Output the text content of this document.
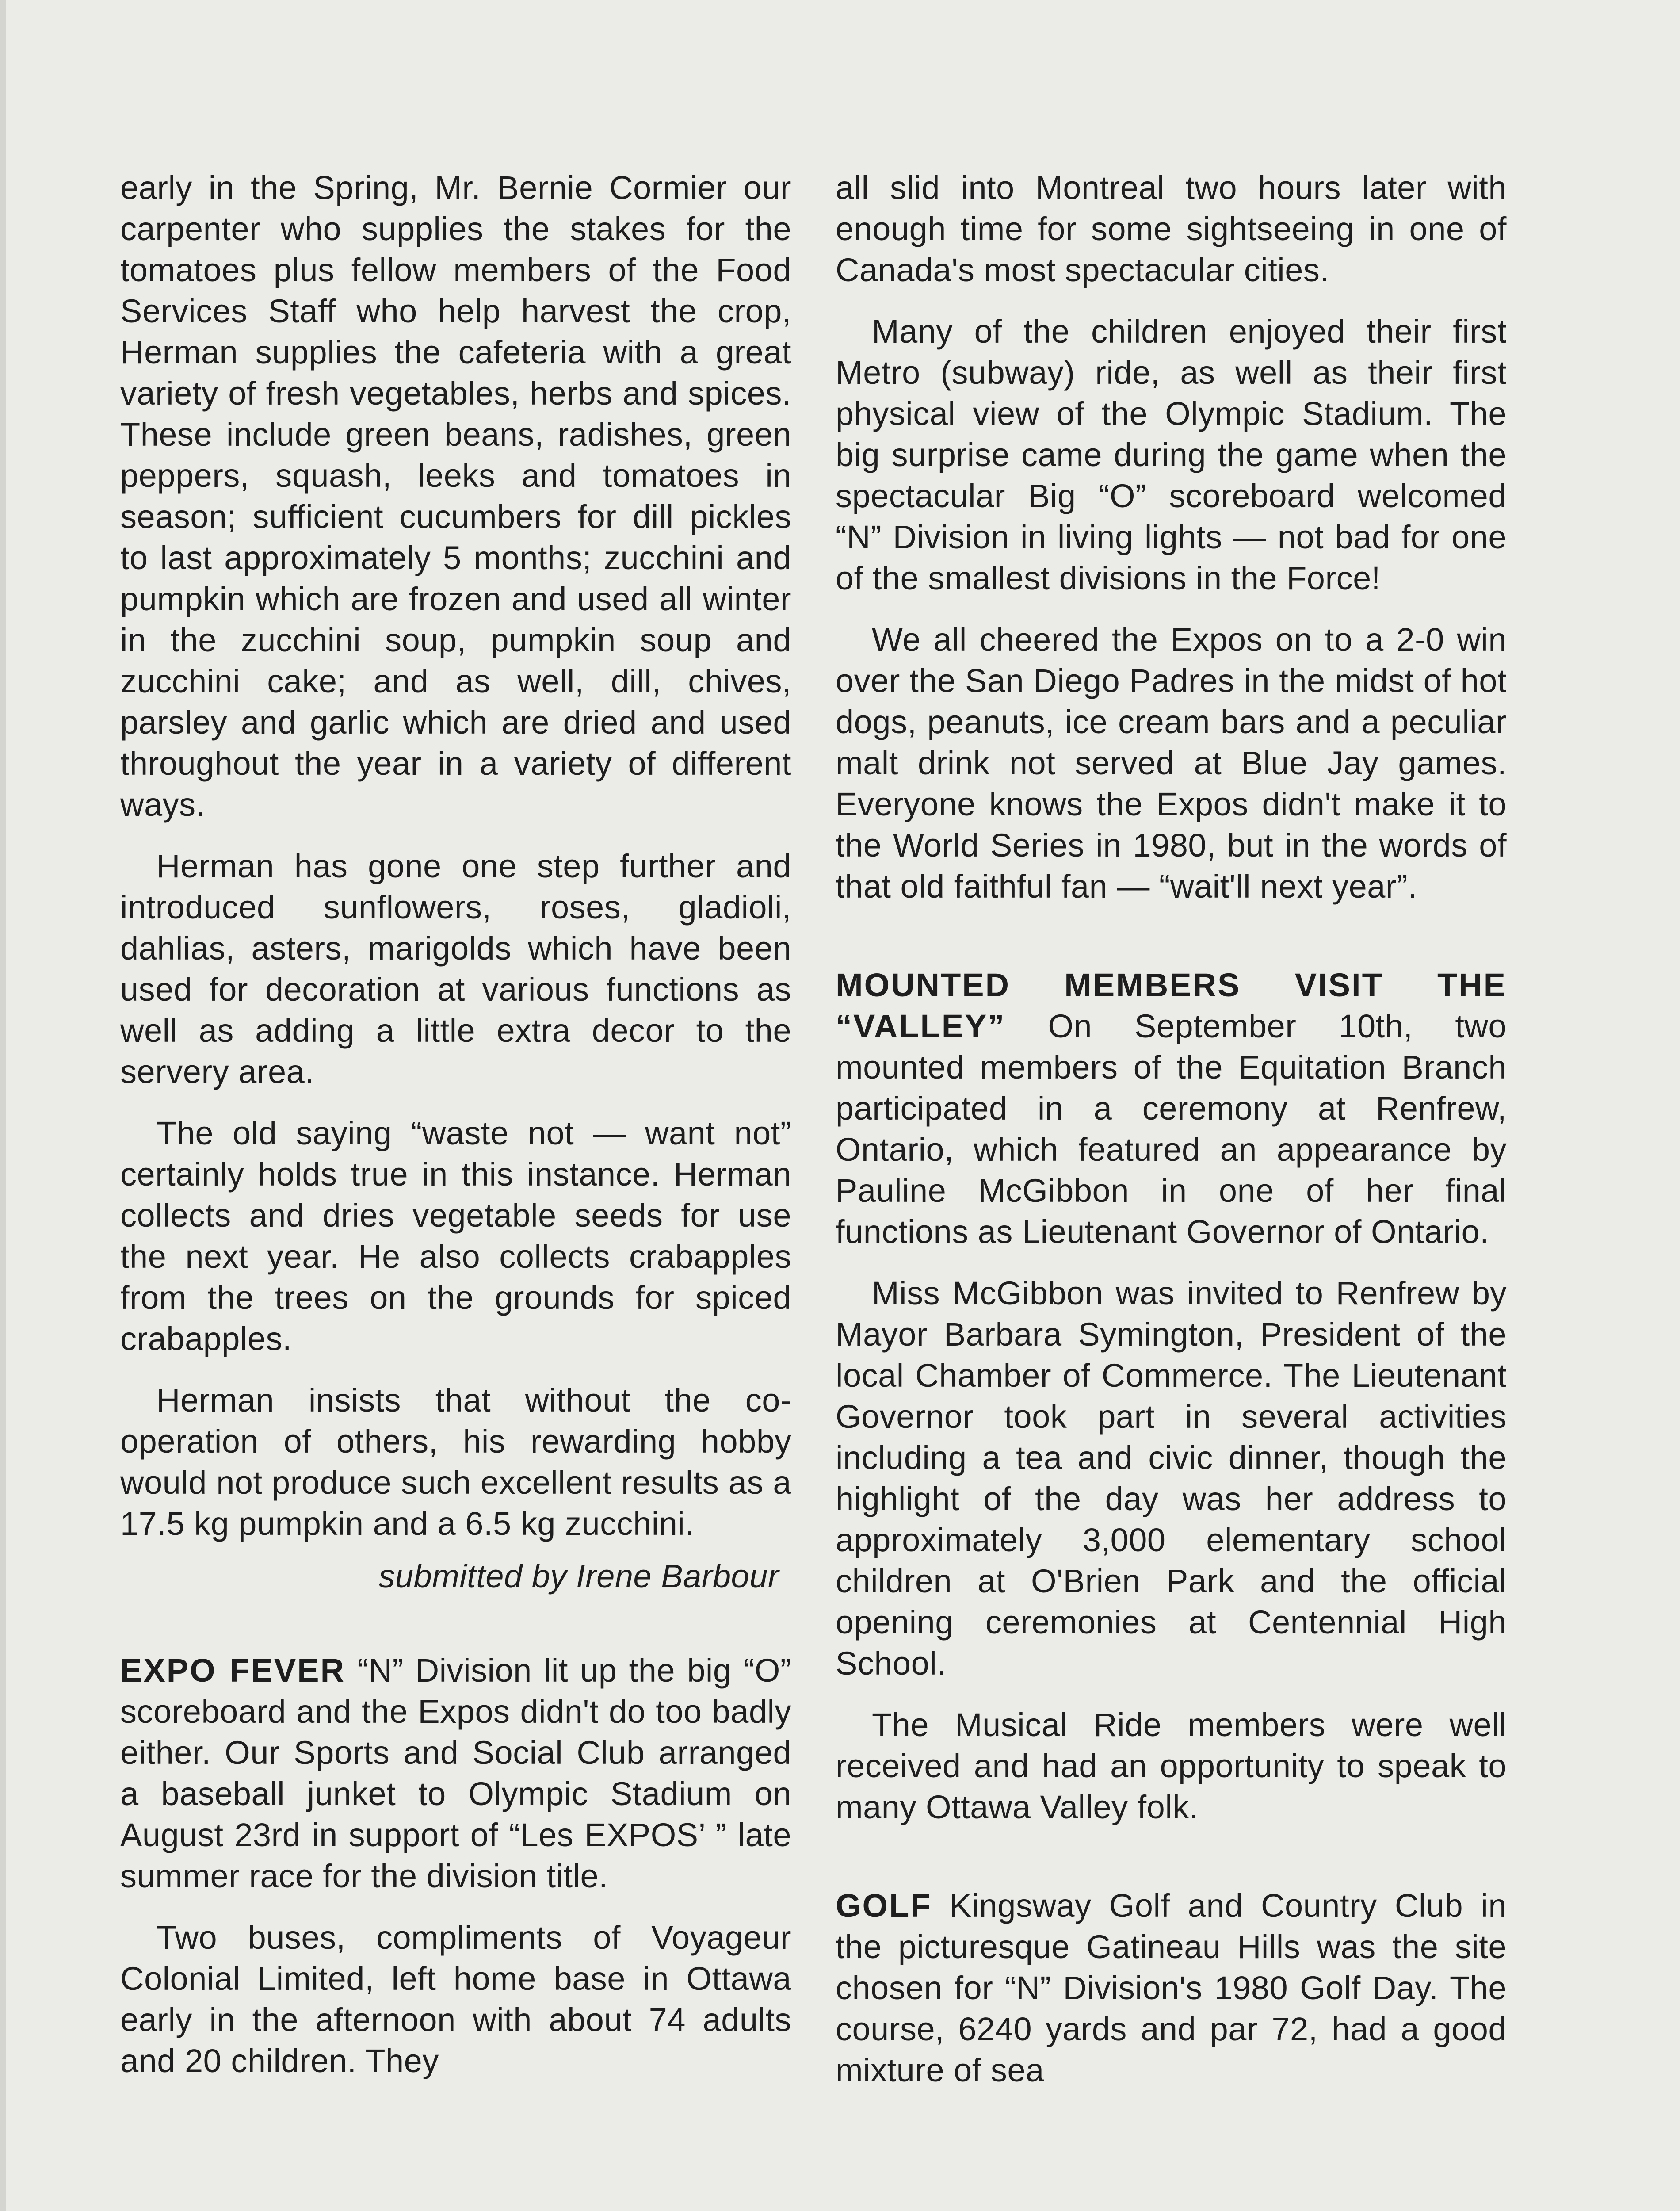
early in the Spring, Mr. Bernie Cormier our carpenter who supplies the stakes for the tomatoes plus fellow members of the Food Services Staff who help harvest the crop, Herman supplies the cafeteria with a great variety of fresh vegetables, herbs and spices. These include green beans, radishes, green peppers, squash, leeks and tomatoes in season; sufficient cucumbers for dill pickles to last approximately 5 months; zucchini and pumpkin which are frozen and used all winter in the zucchini soup, pumpkin soup and zucchini cake; and as well, dill, chives, parsley and garlic which are dried and used throughout the year in a variety of different ways.

Herman has gone one step further and introduced sunflowers, roses, gladioli, dahlias, asters, marigolds which have been used for decoration at various functions as well as adding a little extra decor to the servery area.

The old saying “waste not — want not” certainly holds true in this instance. Herman collects and dries vegetable seeds for use the next year. He also collects crabapples from the trees on the grounds for spiced crabapples.

Herman insists that without the co-operation of others, his rewarding hobby would not produce such excellent results as a 17.5 kg pumpkin and a 6.5 kg zucchini.

submitted by Irene Barbour

EXPO FEVER “N” Division lit up the big “O” scoreboard and the Expos didn't do too badly either. Our Sports and Social Club arranged a baseball junket to Olympic Stadium on August 23rd in support of “Les EXPOS’ ” late summer race for the division title.

Two buses, compliments of Voyageur Colonial Limited, left home base in Ottawa early in the afternoon with about 74 adults and 20 children. They

all slid into Montreal two hours later with enough time for some sightseeing in one of Canada's most spectacular cities.

Many of the children enjoyed their first Metro (subway) ride, as well as their first physical view of the Olympic Stadium. The big surprise came during the game when the spectacular Big “O” scoreboard welcomed “N” Division in living lights — not bad for one of the smallest divisions in the Force!

We all cheered the Expos on to a 2-0 win over the San Diego Padres in the midst of hot dogs, peanuts, ice cream bars and a peculiar malt drink not served at Blue Jay games. Everyone knows the Expos didn't make it to the World Series in 1980, but in the words of that old faithful fan — “wait'll next year”.

MOUNTED MEMBERS VISIT THE “VALLEY” On September 10th, two mounted members of the Equitation Branch participated in a ceremony at Renfrew, Ontario, which featured an appearance by Pauline McGibbon in one of her final functions as Lieutenant Governor of Ontario.

Miss McGibbon was invited to Renfrew by Mayor Barbara Symington, President of the local Chamber of Commerce. The Lieutenant Governor took part in several activities including a tea and civic dinner, though the highlight of the day was her address to approximately 3,000 elementary school children at O'Brien Park and the official opening ceremonies at Centennial High School.

The Musical Ride members were well received and had an opportunity to speak to many Ottawa Valley folk.

GOLF Kingsway Golf and Country Club in the picturesque Gatineau Hills was the site chosen for “N” Division's 1980 Golf Day. The course, 6240 yards and par 72, had a good mixture of sea
